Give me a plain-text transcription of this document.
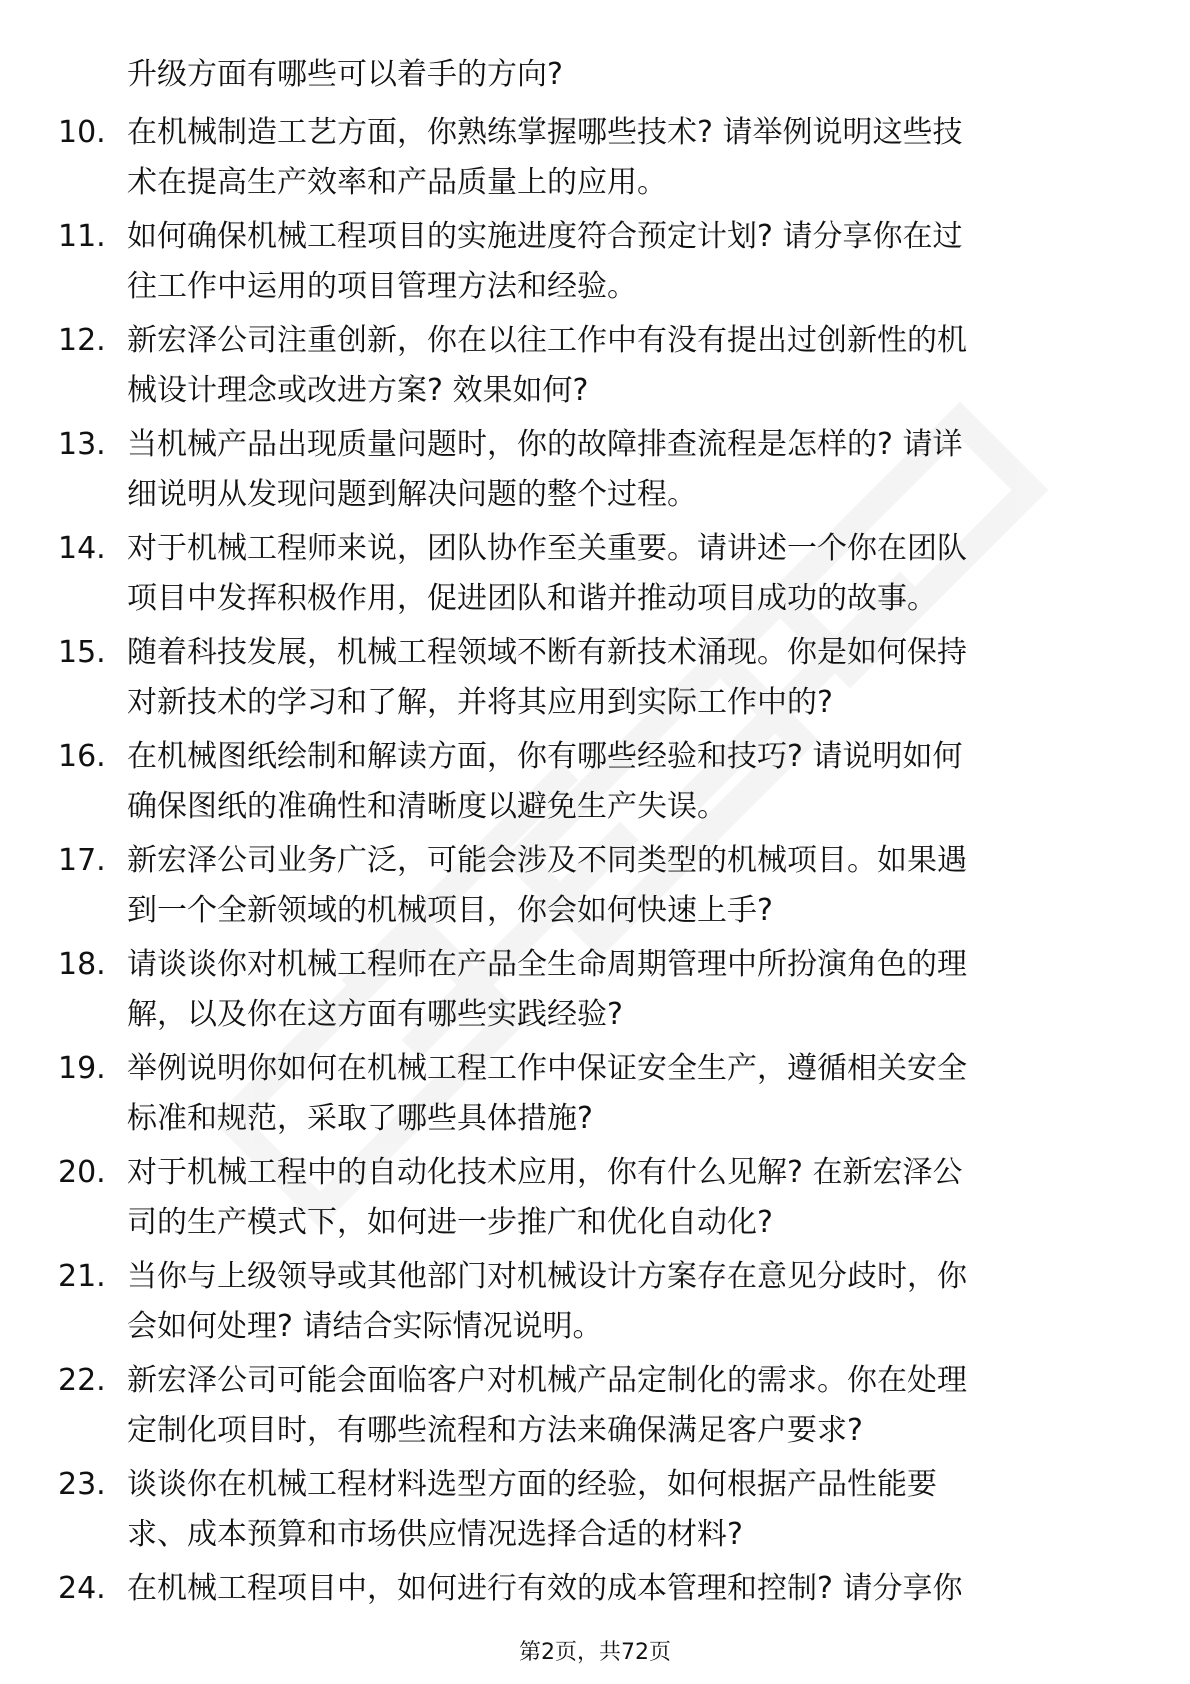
升级方面有哪些可以着手的方向?
10. 在机械制造工艺方面，你熟练掌握哪些技术? 请举例说明这些技
术在提高生产效率和产品质量上的应用。
11. 如何确保机械工程项目的实施进度符合预定计划? 请分享你在过
往工作中运用的项目管理方法和经验。
12. 新宏泽公司注重创新，你在以往工作中有没有提出过创新性的机
械设计理念或改进方案? 效果如何?
13. 当机械产品出现质量问题时，你的故障排查流程是怎样的? 请详
细说明从发现问题到解决问题的整个过程。
14. 对于机械工程师来说，团队协作至关重要。请讲述一个你在团队
项目中发挥积极作用，促进团队和谐并推动项目成功的故事。
15. 随着科技发展，机械工程领域不断有新技术涌现。你是如何保持
对新技术的学习和了解，并将其应用到实际工作中的?
16. 在机械图纸绘制和解读方面，你有哪些经验和技巧? 请说明如何
确保图纸的准确性和清晰度以避免生产失误。
17. 新宏泽公司业务广泛，可能会涉及不同类型的机械项目。如果遇
到一个全新领域的机械项目，你会如何快速上手?
18. 请谈谈你对机械工程师在产品全生命周期管理中所扮演角色的理
解，以及你在这方面有哪些实践经验?
19. 举例说明你如何在机械工程工作中保证安全生产，遵循相关安全
标准和规范，采取了哪些具体措施?
20. 对于机械工程中的自动化技术应用，你有什么见解? 在新宏泽公
司的生产模式下，如何进一步推广和优化自动化?
21. 当你与上级领导或其他部门对机械设计方案存在意见分歧时，你
会如何处理? 请结合实际情况说明。
22. 新宏泽公司可能会面临客户对机械产品定制化的需求。你在处理
定制化项目时，有哪些流程和方法来确保满足客户要求?
23. 谈谈你在机械工程材料选型方面的经验，如何根据产品性能要
求、成本预算和市场供应情况选择合适的材料?
24. 在机械工程项目中，如何进行有效的成本管理和控制? 请分享你
第2页，共72页
